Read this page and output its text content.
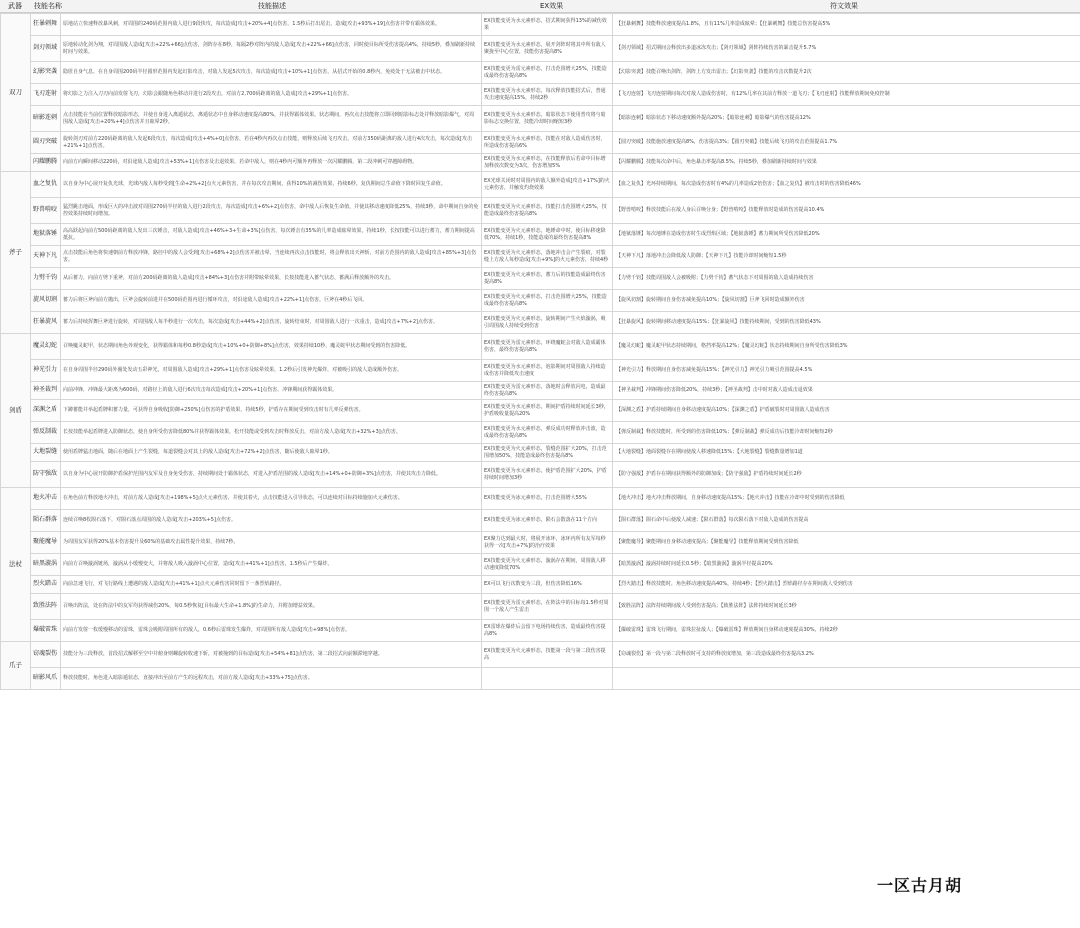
武器 技能名称	技能描述	EX效果	符文效果
双刀	狂暴刺舞	原地站立快速释放暴风刺，对周围的240码范围内敌人进行9段快攻，每次造成[攻击+20%+4]点伤害，1.5秒后打出尾击，造成[攻击+93%+19]点伤害并带有霸体效果。	EX技能变更为水元素形态，招式期间获得13%的减伤效果	【狂暴刺舞】技能释放速度提高1.8%，且有11%几率造成眩晕；【狂暴刺舞】技能总伤害提高5%
	剑刃领域	原地转动化剑为翔，对周围敌人造成[攻击+22%+66]点伤害，剑阵存在8秒，每隔2秒对阵内的敌人造成[攻击+22%+66]点伤害，同时使目标所受伤害提高4%，持续5秒，叠加刷新持续时间与效果。	EX技能变更为水元素形态，展开剑阵时将其中所有敌人聚拢至中心位置，技能伤害提高8%	【剑刃领域】招式期间会释放出多道冰冻攻击；【剑刃领域】剑阵持续伤害的暴击提升5.7%
	幻影突袭	隐匿自身气息，在自身周围200码半径圆形范围内发起幻影攻击，对敌人发起5次攻击，每次造成[攻击+10%+1]点伤害，从招式开始的0.8秒内，免疫处于无法被击中状态。	EX技能变更为雷元素形态，打击范围增大25%，技能造成最终伤害提高8%	【幻影突袭】技能召唤出剑阵，剑阵上方发出雷击；【幻影突袭】技能的攻击次数提升2次
	飞刃连射	将幻影之力注入刀刃向前发射飞刃，幻影会跟随角色移动并进行2段攻击，对前方2,700码距离的敌人造成[攻击+29%+1]点伤害。	EX技能变更为水元素形态，每次释放技能招式后，普通攻击速度提高15%，持续2秒	【飞刃连射】飞刃连射期间每次对敌人造成伤害时，有12%几率在其前方释放一道飞刃；【飞刃连射】技能释放期间免疫控制
	暗影连刺	点击技能在当前位置释放暗影形态，并使自身进入离遁状态，离遁状态中自身移动速度提高80%，并获得霸体效果。状态期间，再次点击技能将立即回到暗影标志处并释放暗影爆气，对周围敌人造成[攻击+20%+4]点伤害并且眩晕2秒。	EX技能变更为水元素形态，暗影状态下使用普攻将与暗影标志交换位置，技能冷却时间缩短3秒	【暗影连刺】暗影状态下移动速度额外提高20%；【暗影连刺】暗影爆气的伤害提高12%
	圆刃突破	旋转剑刃对前方220码距离的敌人发起6段攻击，每次造成[攻击+4%+0]点伤害，若在4秒内再次点击技能，则释放后续飞刃攻击，对前方350码距离的敌人进行4次攻击，每次造成[攻击+21%+1]点伤害。	EX技能变更为水元素形态，技能在对敌人造成伤害时，所造成伤害提高6%	【圆刃突破】技能施放速度提高8%，伤害提高3%；【圆刃突破】技能后续飞刃的攻击范围提高1.7%
	闪耀鹏腾	向前方向瞬间移动220码，对沿途敌人造成[攻击+53%+1]点伤害及击退效果，若命中敌人，则在4秒内可额外再释放一次闪耀鹏腾，第二段冲刺可穿越障碍物。	EX技能变更为水元素形态，在技能释放后若命中目标增加释放次数变为3次，伤害增加5%	【闪耀鹏腾】技能每次命中后，角色暴击率提高8.5%，持续5秒，叠加刷新持续时间与效果
斧子	血之复仇	以自身为中心展开复仇光球，光球内敌人每秒受到[生命+2%+2]点火元素伤害，并在每次攻击期间，获得10%的减伤效果，持续6秒。复仇期间总生命值下降时回复生命值。	EX光球关闭时对周围内的敌人额外造成[攻击+17%]的火元素伤害，并触发灼烧效果	【血之复仇】光环持续期间，每次造成伤害时有4%的几率造成2倍伤害；【血之复仇】被攻击时的伤害降低46%
	野兽啃咬	猛烈跳击地面，形成巨大的冲击波对周围270码半径的敌人进行2段攻击，每次造成[攻击+6%+2]点伤害，命中敌人后恢复生命值，并使其移动速度降低25%，持续3秒，命中期间自身的免控效果持续时间增加。	EX技能变更为火元素形态，技能打击范围增大25%，技能造成最终伤害提高8%	【野兽啃咬】释放技能后在敌人身后召唤分身；【野兽啃咬】技能释放时造成的伤害提高10.4%
	地狱落锤	高高跃起向前方500码距离的敌人发出三次锤击，对敌人造成[攻击+46%+3+生命+3%]点伤害，每次锤击有35%的几率造成眩晕效果，持续1秒，长按技能可以进行蓄力，蓄力期间提高抵抗。	EX技能变更为火元素形态，地锤命中时，使目标移速降低70%，持续1秒，技能造成的最终伤害提高8%	【地狱落锤】每次地锤在造成伤害时生成烈焰区域；【地狱落锤】蓄力期间所受伤害降低20%
	天神下凡	点击技能后角色将快速朝前方释放冲锋，路径中的敌人会受到[攻击+68%+2]点伤害并被击晕，当连续再次点击技能时，将会释放出天神斩，对前方范围内的敌人造成[攻击+85%+3]点伤害。	EX技能变更为火元素形态，落地冲击会产生裂痕，对裂缝上方敌人每秒造成[攻击+9%]的火元素伤害，持续4秒	【天神下凡】落地冲击会降低敌人防御；【天神下凡】技能冷却时间缩短1.5秒
	力劈千钧	从后蓄力，向前方劈下重斧，对前方200码距离的敌人造成[攻击+84%+3]点伤害并附带眩晕效果，长按技能进入蓄气状态，蓄满后释放额外的攻击。	EX技能变更为火元素形态，蓄力后的技能造成最终伤害提高8%	【力劈千钧】技能周围敌人会被吸附；【力劈千钧】蓄气状态下对周围的敌人造成持续伤害
	旋风切割	蓄力后将巨斧向前方抛出，巨斧会旋转前进并在500码范围内进行循环攻击，对沿途敌人造成[攻击+22%+1]点伤害，巨斧在4秒后飞回。	EX技能变更为火元素形态，打击范围增大25%，技能造成最终伤害提高8%	【旋风切割】旋转期间自身伤害减免提高10%；【旋风切割】巨斧飞回时造成额外伤害
	狂暴旋风	蓄力后持续挥舞巨斧进行旋转，对周围敌人每半秒进行一次攻击，每次造成[攻击+44%+2]点伤害，旋转结束时，对周围敌人进行一次重击，造成[攻击+7%+2]点伤害。	EX技能变更为火元素形态，旋转期间产生火焰漩涡，吸引周围敌人持续受到伤害	【狂暴旋风】旋转期间移动速度提高15%；【狂暴旋风】技能持续期间，受到的伤害降低43%
剑盾	魔灵幻蛇	召唤魔灵蛇甲，状态期间角色外观变化，获得霸体和每秒0.8秒造成[攻击+10%+0+防御+8%]点伤害，效果持续10秒，魔灵蛇甲状态期间受到的伤害降低。	EX技能变更为雷元素形态，环绕魔蛇会对敌人造成霸体伤害，最终伤害提高8%	【魔灵幻蛇】魔灵蛇甲状态持续期间，格挡率提高12%；【魔灵幻蛇】状态持续期间自身所受伤害降低3%
	神光引力	在自身周围半径290码外圈处发动五彩神光，对周围敌人造成[攻击+29%+1]点伤害及眩晕效果，1.2秒后引发神光爆炸，对被吸引的敌人造成额外伤害。	EX技能变更为水元素形态，泡影期间对周围敌人持续造成伤害并降低攻击速度	【神光引力】释放期间自身伤害减免提高15%；【神光引力】神光引力吸引范围提高4.5%
	神圣裁判	向前冲锋，冲锋最大距离为600码，对路径上的敌人进行6次攻击每次造成[攻击+20%+1]点伤害，冲锋期间获得霸体效果。	EX技能变更为雷元素形态，落地时会释放闪电，造成最终伤害提高8%	【神圣裁判】冲锋期间伤害降低20%，持续3秒；【神圣裁判】击中时对敌人造成击退效果
	深渊之盾	下蹲蓄能并举起盾牌积蓄力量，可获得自身吸收[防御+250%]点伤害的护盾效果，持续5秒，护盾存在期间受到攻击时有几率反弹伤害。	EX技能变更为水元素形态，期间护盾持续时间延长3秒，护盾吸收量提高20%	【深渊之盾】护盾持续期间自身移动速度提高10%；【深渊之盾】护盾破裂时对周围敌人造成伤害
	弹反制裁	长按技能举起盾牌进入防御状态，使自身所受伤害降低80%并获得霸体效果，松开技能或受到攻击时释放反击，对前方敌人造成[攻击+32%+3]点伤害。	EX技能变更为水元素形态，弹反成功时释放冲击波，造成最终伤害提高8%	【弹反制裁】释放技能时，所受到的伤害降低10%；【弹反制裁】弹反成功后技能冷却时间缩短2秒
	大地裂缝	使用盾牌猛击地面，随后在地面上产生裂缝，每道裂缝会对其上的敌人造成[攻击+72%+2]点伤害，随后使敌人眩晕1秒。	EX技能变更为火元素形态，裂缝范围扩大20%，打击范围增加50%，技能造成最终伤害提高8%	【大地裂缝】地面裂缝存在期间使敌人移速降低15%；【大地裂缝】裂缝数量增加1道
	防守强敌	以自身为中心展开防御护盾保护范围内友军及自身免受伤害，持续期间处于霸体状态，对进入护盾范围的敌人造成[攻击+14%+0+防御+3%]点伤害，并使其攻击力降低。	EX技能变更为水元素形态，使护盾范围扩大20%，护盾持续时间增加3秒	【防守强敌】护盾存在期间获得额外的防御加成；【防守强敌】护盾持续时间延长2秒
法杖	地火冲击	在角色前方释放地火冲击，对前方敌人造成[攻击+198%+5]点火元素伤害，并使其着火，点击技能进入引导状态，可以连续对目标持续施加火元素伤害。	EX技能变更为冰元素形态，打击范围增大55%	【地火冲击】地火冲击释放期间，自身移动速度提高15%；【地火冲击】技能在冷却中时受到的伤害降低
	陨石群落	连续召唤8枚陨石落下，对陨石落点周围的敌人造成[攻击+203%+5]点伤害。	EX技能变更为冰元素形态，陨石会散落在11个方向	【陨石群落】陨石命中后使敌人减速；【陨石群落】每次陨石落下对敌人造成的伤害提高
	聚能魔导	为周围友军获得20%基本伤害提升及60%的基础攻击属性提升效果，持续7秒。	EX聚力达到最大时，将展开冰环，冰环内所有友军每秒获得一次[攻击+7%]的治疗效果	【聚能魔导】聚能期间自身移动速度提高；【聚能魔导】技能释放期间受到伤害降低
	暗黑漩涡	向前方召唤漩涡链场，漩涡从小缓慢变大，并将敌人吸入漩涡中心位置，造成[攻击+41%+1]点伤害，1.5秒后产生爆炸。	EX技能变更为火元素形态，漩涡存在期间，周围敌人移动速度降低70%	【暗黑漩涡】漩涡持续时间延长0.5秒；【暗黑漩涡】漩涡半径提高20%
	烈火踏击	向前急速飞行，对飞行路线上遭遇的敌人造成[攻击+41%+1]点火元素伤害同时留下一条烈焰路径。	EX可以飞行次数变为三段，但伤害降低16%	【烈火踏击】释放技能时，角色移动速度提高40%，持续4秒；【烈火踏击】烈焰路径存在期间敌人受到伤害
	致胜法阵	召唤出阵法，处在阵法中的友军均获得减伤20%，每0.5秒恢复[目标最大生命+1.8%]的生命力，并附加增益效果。	EX技能变更为雷元素形态，在阵法中的目标每1.5秒对周围一个敌人产生雷击	【致胜法阵】法阵持续期间敌人受到伤害提高；【致胜法阵】法阵持续时间延长3秒
	爆破雷珠	向前方发射一枚缓慢移动的雷珠，雷珠会吸附周围所有的敌人，0.6秒后雷珠发生爆炸，对周围所有敌人造成[攻击+98%]点伤害。	EX雷球在爆炸后会留下电场持续伤害，造成最终伤害提高8%	【爆破雷珠】雷珠飞行期间，雷珠拉扯敌人；【爆破雷珠】释放期间自身移动速度提高30%，持续2秒
爪子	窃魂裂伤	技能分为三段释放，首段招式解移至空中并俯身则螺旋转收速下斩，对被撞到的目标造成[攻击+54%+81]点伤害，第二段招式向前额滞地穿越。	EX技能变更为火元素形态，技能第一段与第二段伤害提高	【窃魂裂伤】第一段与第二段释放时可支持的释放度增加，第三段造成最终伤害提高3.2%
	暗影风爪	释放技能时，角色进入暗影遁状态，直接冲出至前方产生的远程攻击，对前方敌人造成[攻击+33%+75]点伤害。		
一区古月胡
